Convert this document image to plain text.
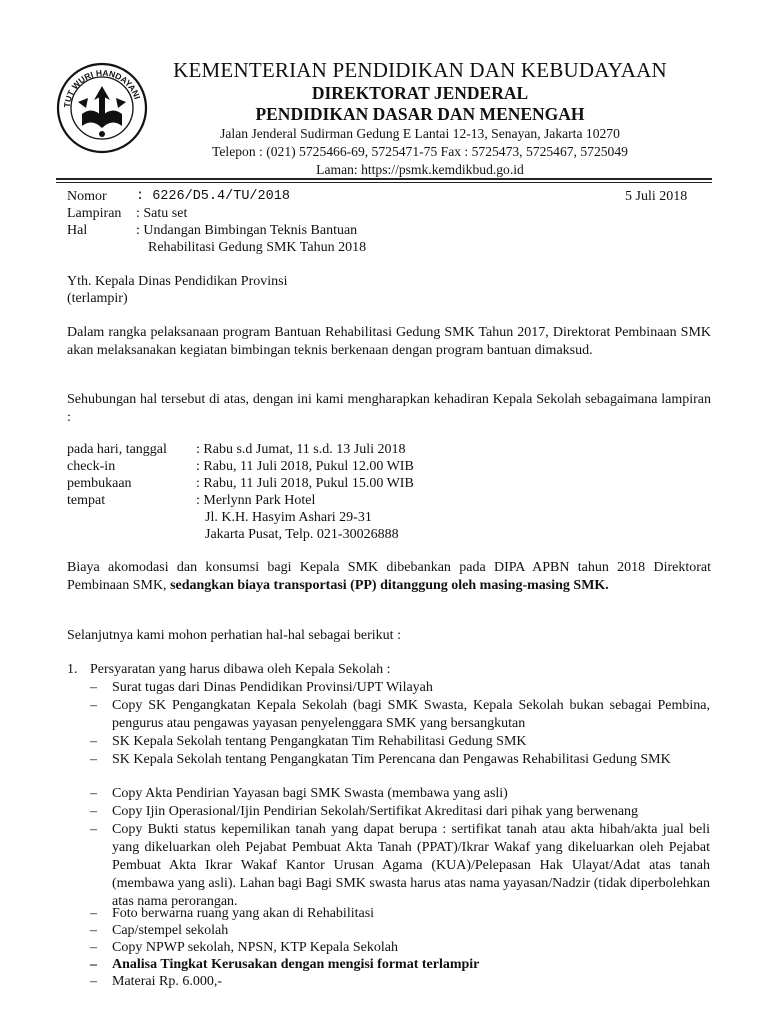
TUT WURI HANDAYANI
KEMENTERIAN PENDIDIKAN DAN KEBUDAYAAN
DIREKTORAT JENDERAL
PENDIDIKAN DASAR DAN MENENGAH
Jalan Jenderal Sudirman Gedung E Lantai 12-13, Senayan, Jakarta 10270
Telepon : (021) 5725466-69, 5725471-75 Fax : 5725473, 5725467, 5725049
Laman: https://psmk.kemdikbud.go.id
Nomor : 6226/D5.4/TU/2018	5 Juli 2018
Lampiran : Satu set
Hal	: Undangan Bimbingan Teknis Bantuan
Rehabilitasi Gedung SMK Tahun 2018
Yth. Kepala Dinas Pendidikan Provinsi
(terlampir)
Dalam rangka pelaksanaan program Bantuan Rehabilitasi Gedung SMK Tahun 2017, Direktorat Pembinaan SMK akan melaksanakan kegiatan bimbingan teknis berkenaan dengan program bantuan dimaksud.
Sehubungan hal tersebut di atas, dengan ini kami mengharapkan kehadiran Kepala Sekolah sebagaimana lampiran :
pada hari, tanggal : Rabu s.d Jumat, 11 s.d. 13 Juli 2018
check-in	: Rabu, 11 Juli 2018, Pukul 12.00 WIB
pembukaan	: Rabu, 11 Juli 2018, Pukul 15.00 WIB
tempat	: Merlynn Park Hotel
Jl. K.H. Hasyim Ashari 29-31
Jakarta Pusat, Telp. 021-30026888
Biaya akomodasi dan konsumsi bagi Kepala SMK dibebankan pada DIPA APBN tahun 2018 Direktorat Pembinaan SMK, sedangkan biaya transportasi (PP) ditanggung oleh masing-masing SMK.
Selanjutnya kami mohon perhatian hal-hal sebagai berikut :
1. Persyaratan yang harus dibawa oleh Kepala Sekolah :
– Surat tugas dari Dinas Pendidikan Provinsi/UPT Wilayah
– Copy SK Pengangkatan Kepala Sekolah (bagi SMK Swasta, Kepala Sekolah bukan sebagai Pembina, pengurus atau pengawas yayasan penyelenggara SMK yang bersangkutan
– SK Kepala Sekolah tentang Pengangkatan Tim Rehabilitasi Gedung SMK
– SK Kepala Sekolah tentang Pengangkatan Tim Perencana dan Pengawas Rehabilitasi Gedung SMK
– Copy Akta Pendirian Yayasan bagi SMK Swasta (membawa yang asli)
– Copy Ijin Operasional/Ijin Pendirian Sekolah/Sertifikat Akreditasi dari pihak yang berwenang
– Copy Bukti status kepemilikan tanah yang dapat berupa : sertifikat tanah atau akta hibah/akta jual beli yang dikeluarkan oleh Pejabat Pembuat Akta Tanah (PPAT)/Ikrar Wakaf yang dikeluarkan oleh Pejabat Pembuat Akta Ikrar Wakaf Kantor Urusan Agama (KUA)/Pelepasan Hak Ulayat/Adat atas tanah (membawa yang asli). Lahan bagi Bagi SMK swasta harus atas nama yayasan/Nadzir (tidak diperbolehkan atas nama perorangan.
– Foto berwarna ruang yang akan di Rehabilitasi
– Cap/stempel sekolah
– Copy NPWP sekolah, NPSN, KTP Kepala Sekolah
– Analisa Tingkat Kerusakan dengan mengisi format terlampir
– Materai Rp. 6.000,-
